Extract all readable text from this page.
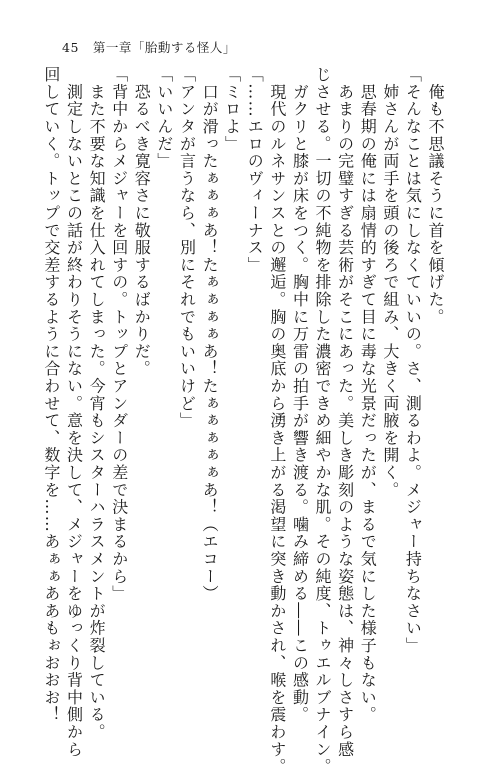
45 第一章「胎動する怪人」
　俺も不思議そうに首を傾げた。
「そんなことは気にしなくていいの。さ、測るわよ。メジャー持ちなさい」
　姉さんが両手を頭の後ろで組み、大きく両腋を開く。
　思春期の俺には扇情的すぎて目に毒な光景だったが、まるで気にした様子もない。
　あまりの完璧すぎる芸術がそこにあった。美しき彫刻のような姿態は、神々しさすら感
じさせる。一切の不純物を排除した濃密できめ細やかな肌。その純度、トゥエルブナイン。
　ガクリと膝が床をつく。胸中に万雷の拍手が響き渡る。噛み締める――この感動。
　現代のルネサンスとの邂逅。胸の奥底から湧き上がる渇望に突き動かされ、喉を震わす。
「……エロのヴィーナス」
「ミロよ」
　口が滑ったぁぁぁあ！たぁぁぁぁあ！たぁぁぁぁぁあ！（エコー）
「アンタが言うなら、別にそれでもいいけど」
「いいんだ」
　恐るべき寛容さに敬服するばかりだ。
「背中からメジャーを回すの。トップとアンダーの差で決まるから」
　また不要な知識を仕入れてしまった。今宵もシスターハラスメントが炸裂している。
　測定しないとこの話が終わりそうにない。意を決して、メジャーをゆっくり背中側から
回していく。トップで交差するように合わせて、数字を……あぁぁああもぉおおお！
